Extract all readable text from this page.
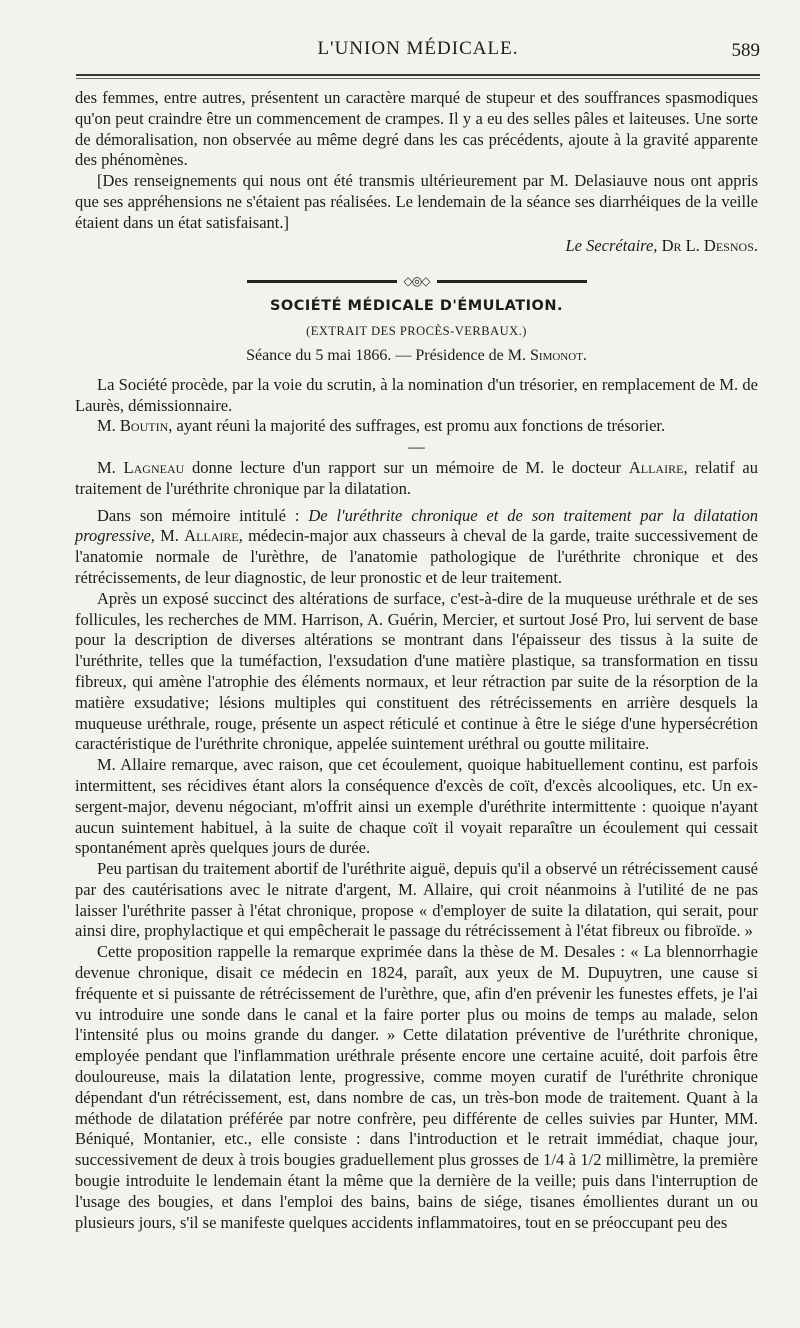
L'UNION MÉDICALE.	589

des femmes, entre autres, présentent un caractère marqué de stupeur et des souffrances spasmodiques qu'on peut craindre être un commencement de crampes. Il y a eu des selles pâles et laiteuses. Une sorte de démoralisation, non observée au même degré dans les cas précédents, ajoute à la gravité apparente des phénomènes.

[Des renseignements qui nous ont été transmis ultérieurement par M. Delasiauve nous ont appris que ses appréhensions ne s'étaient pas réalisées. Le lendemain de la séance ses diarrhéiques de la veille étaient dans un état satisfaisant.]

Le Secrétaire, Dr L. Desnos.

◇◎◇
SOCIÉTÉ MÉDICALE D'ÉMULATION.
(EXTRAIT DES PROCÈS-VERBAUX.)
Séance du 5 mai 1866. — Présidence de M. Simonot.

La Société procède, par la voie du scrutin, à la nomination d'un trésorier, en remplacement de M. de Laurès, démissionnaire.

M. Boutin, ayant réuni la majorité des suffrages, est promu aux fonctions de trésorier.

—

M. Lagneau donne lecture d'un rapport sur un mémoire de M. le docteur Allaire, relatif au traitement de l'uréthrite chronique par la dilatation.

Dans son mémoire intitulé : De l'uréthrite chronique et de son traitement par la dilatation progressive, M. Allaire, médecin-major aux chasseurs à cheval de la garde, traite successivement de l'anatomie normale de l'urèthre, de l'anatomie pathologique de l'uréthrite chronique et des rétrécissements, de leur diagnostic, de leur pronostic et de leur traitement.

Après un exposé succinct des altérations de surface, c'est-à-dire de la muqueuse uréthrale et de ses follicules, les recherches de MM. Harrison, A. Guérin, Mercier, et surtout José Pro, lui servent de base pour la description de diverses altérations se montrant dans l'épaisseur des tissus à la suite de l'uréthrite, telles que la tuméfaction, l'exsudation d'une matière plastique, sa transformation en tissu fibreux, qui amène l'atrophie des éléments normaux, et leur rétraction par suite de la résorption de la matière exsudative; lésions multiples qui constituent des rétrécissements en arrière desquels la muqueuse uréthrale, rouge, présente un aspect réticulé et continue à être le siége d'une hypersécrétion caractéristique de l'uréthrite chronique, appelée suintement uréthral ou goutte militaire.

M. Allaire remarque, avec raison, que cet écoulement, quoique habituellement continu, est parfois intermittent, ses récidives étant alors la conséquence d'excès de coït, d'excès alcooliques, etc. Un ex-sergent-major, devenu négociant, m'offrit ainsi un exemple d'uréthrite intermittente : quoique n'ayant aucun suintement habituel, à la suite de chaque coït il voyait reparaître un écoulement qui cessait spontanément après quelques jours de durée.

Peu partisan du traitement abortif de l'uréthrite aiguë, depuis qu'il a observé un rétrécissement causé par des cautérisations avec le nitrate d'argent, M. Allaire, qui croit néanmoins à l'utilité de ne pas laisser l'uréthrite passer à l'état chronique, propose « d'employer de suite la dilatation, qui serait, pour ainsi dire, prophylactique et qui empêcherait le passage du rétrécissement à l'état fibreux ou fibroïde. »

Cette proposition rappelle la remarque exprimée dans la thèse de M. Desales : « La blennorrhagie devenue chronique, disait ce médecin en 1824, paraît, aux yeux de M. Dupuytren, une cause si fréquente et si puissante de rétrécissement de l'urèthre, que, afin d'en prévenir les funestes effets, je l'ai vu introduire une sonde dans le canal et la faire porter plus ou moins de temps au malade, selon l'intensité plus ou moins grande du danger. » Cette dilatation préventive de l'uréthrite chronique, employée pendant que l'inflammation uréthrale présente encore une certaine acuité, doit parfois être douloureuse, mais la dilatation lente, progressive, comme moyen curatif de l'uréthrite chronique dépendant d'un rétrécissement, est, dans nombre de cas, un très-bon mode de traitement. Quant à la méthode de dilatation préférée par notre confrère, peu différente de celles suivies par Hunter, MM. Béniqué, Montanier, etc., elle consiste : dans l'introduction et le retrait immédiat, chaque jour, successivement de deux à trois bougies graduellement plus grosses de 1/4 à 1/2 millimètre, la première bougie introduite le lendemain étant la même que la dernière de la veille; puis dans l'interruption de l'usage des bougies, et dans l'emploi des bains, bains de siége, tisanes émollientes durant un ou plusieurs jours, s'il se manifeste quelques accidents inflammatoires, tout en se préoccupant peu des
